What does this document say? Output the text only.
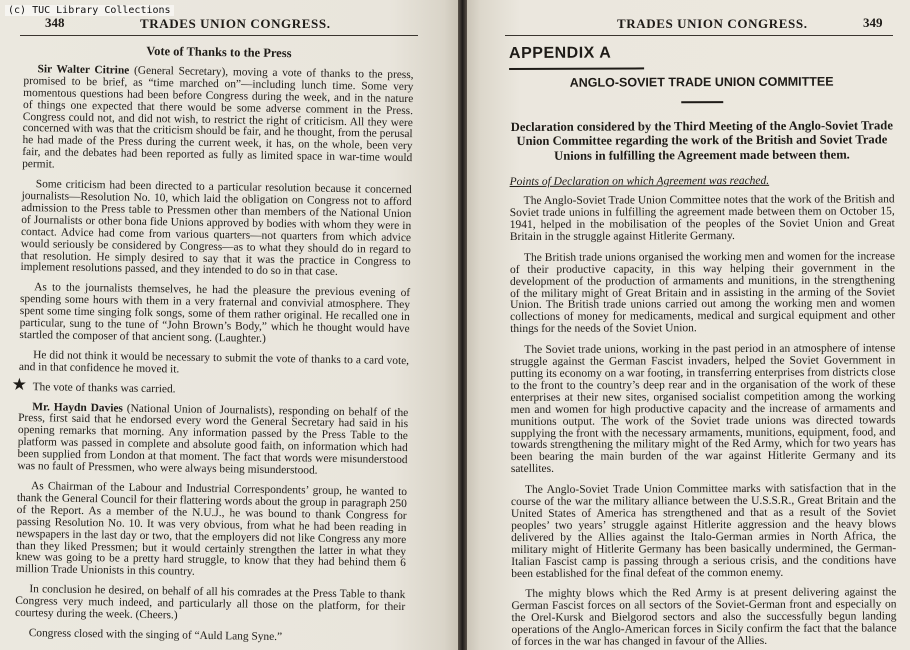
(c) TUC Library Collections
348	TRADES UNION CONGRESS.
Vote of Thanks to the Press

Sir Walter Citrine (General Secretary), moving a vote of thanks to the press, promised to be brief, as “time marched on”—including lunch time. Some very momentous questions had been before Congress during the week, and in the nature of things one expected that there would be some adverse comment in the Press. Congress could not, and did not wish, to restrict the right of criticism. All they were concerned with was that the criticism should be fair, and he thought, from the perusal he had made of the Press during the current week, it has, on the whole, been very fair, and the debates had been reported as fully as limited space in war-time would permit.

Some criticism had been directed to a particular resolution because it concerned journalists—Resolution No. 10, which laid the obligation on Congress not to afford admission to the Press table to Pressmen other than members of the National Union of Journalists or other bona fide Unions approved by bodies with whom they were in contact. Advice had come from various quarters—not quarters from which advice would seriously be considered by Congress—as to what they should do in regard to that resolution. He simply desired to say that it was the practice in Congress to implement resolutions passed, and they intended to do so in that case.

As to the journalists themselves, he had the pleasure the previous evening of spending some hours with them in a very fraternal and convivial atmosphere. They spent some time singing folk songs, some of them rather original. He recalled one in particular, sung to the tune of “John Brown’s Body,” which he thought would have startled the composer of that ancient song. (Laughter.)

He did not think it would be necessary to submit the vote of thanks to a card vote, and in that confidence he moved it.

★ The vote of thanks was carried.

Mr. Haydn Davies (National Union of Journalists), responding on behalf of the Press, first said that he endorsed every word the General Secretary had said in his opening remarks that morning. Any information passed by the Press Table to the platform was passed in complete and absolute good faith, on information which had been supplied from London at that moment. The fact that words were misunderstood was no fault of Pressmen, who were always being misunderstood.

As Chairman of the Labour and Industrial Correspondents’ group, he wanted to thank the General Council for their flattering words about the group in paragraph 250 of the Report. As a member of the N.U.J., he was bound to thank Congress for passing Resolution No. 10. It was very obvious, from what he had been reading in newspapers in the last day or two, that the employers did not like Congress any more than they liked Pressmen; but it would certainly strengthen the latter in what they knew was going to be a pretty hard struggle, to know that they had behind them 6 million Trade Unionists in this country.

In conclusion he desired, on behalf of all his comrades at the Press Table to thank Congress very much indeed, and particularly all those on the platform, for their courtesy during the week. (Cheers.)

Congress closed with the singing of “Auld Lang Syne.”

TRADES UNION CONGRESS.	349
APPENDIX A
ANGLO-SOVIET TRADE UNION COMMITTEE
Declaration considered by the Third Meeting of the Anglo-Soviet Trade Union Committee regarding the work of the British and Soviet Trade Unions in fulfilling the Agreement made between them.
Points of Declaration on which Agreement was reached.

The Anglo-Soviet Trade Union Committee notes that the work of the British and Soviet trade unions in fulfilling the agreement made between them on October 15, 1941, helped in the mobilisation of the peoples of the Soviet Union and Great Britain in the struggle against Hitlerite Germany.

The British trade unions organised the working men and women for the increase of their productive capacity, in this way helping their government in the development of the production of armaments and munitions, in the strengthening of the military might of Great Britain and in assisting in the arming of the Soviet Union. The British trade unions carried out among the working men and women collections of money for medicaments, medical and surgical equipment and other things for the needs of the Soviet Union.

The Soviet trade unions, working in the past period in an atmosphere of intense struggle against the German Fascist invaders, helped the Soviet Government in putting its economy on a war footing, in transferring enterprises from districts close to the front to the country’s deep rear and in the organisation of the work of these enterprises at their new sites, organised socialist competition among the working men and women for high productive capacity and the increase of armaments and munitions output. The work of the Soviet trade unions was directed towards supplying the front with the necessary armaments, munitions, equipment, food, and towards strengthening the military might of the Red Army, which for two years has been bearing the main burden of the war against Hitlerite Germany and its satellites.

The Anglo-Soviet Trade Union Committee marks with satisfaction that in the course of the war the military alliance between the U.S.S.R., Great Britain and the United States of America has strengthened and that as a result of the Soviet peoples’ two years’ struggle against Hitlerite aggression and the heavy blows delivered by the Allies against the Italo-German armies in North Africa, the military might of Hitlerite Germany has been basically undermined, the German-Italian Fascist camp is passing through a serious crisis, and the conditions have been established for the final defeat of the common enemy.

The mighty blows which the Red Army is at present delivering against the German Fascist forces on all sectors of the Soviet-German front and especially on the Orel-Kursk and Bielgorod sectors and also the successfully begun landing operations of the Anglo-American forces in Sicily confirm the fact that the balance of forces in the war has changed in favour of the Allies.
